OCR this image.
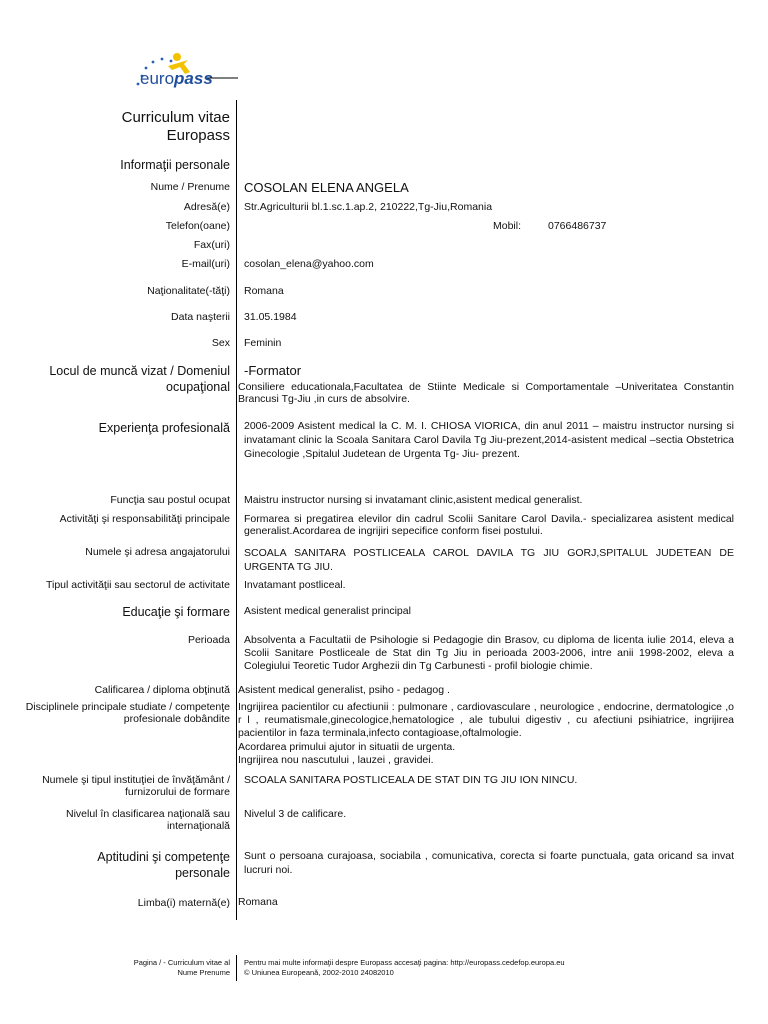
europass
Curriculum vitae
Europass
Informaţii personale
Nume / Prenume COSOLAN ELENA ANGELA
Adresă(e) Str.Agriculturii bl.1.sc.1.ap.2, 210222,Tg-Jiu,Romania
Telefon(oane)	Mobil:	0766486737
Fax(uri)
E-mail(uri) cosolan_elena@yahoo.com
Naţionalitate(-tăţi) Romana
Data naşterii 31.05.1984
Sex Feminin
Locul de muncă vizat / Domeniul
ocupaţional
-Formator
Consiliere educationala,Facultatea de Stiinte Medicale si Comportamentale –Univeritatea Constantin Brancusi Tg-Jiu ,in curs de absolvire.
Experienţa profesională 2006-2009 Asistent medical la C. M. I. CHIOSA VIORICA, din anul 2011 – maistru instructor nursing si invatamant clinic la Scoala Sanitara Carol Davila Tg Jiu-prezent,2014-asistent medical –sectia Obstetrica Ginecologie ,Spitalul Judetean de Urgenta Tg- Jiu- prezent.
Funcţia sau postul ocupat Maistru instructor nursing si invatamant clinic,asistent medical generalist.
Activităţi şi responsabilităţi principale Formarea si pregatirea elevilor din cadrul Scolii Sanitare Carol Davila.- specializarea asistent medical generalist.Acordarea de ingrijiri sepecifice conform fisei postului.
Numele şi adresa angajatorului SCOALA SANITARA POSTLICEALA CAROL DAVILA TG JIU GORJ,SPITALUL JUDETEAN DE URGENTA TG JIU.
Tipul activităţii sau sectorul de activitate Invatamant postliceal.
Educaţie şi formare Asistent medical generalist principal
Perioada Absolventa a Facultatii de Psihologie si Pedagogie din Brasov, cu diploma de licenta iulie 2014, eleva a Scolii Sanitare Postliceale de Stat din Tg Jiu in perioada 2003-2006, intre anii 1998-2002, eleva a Colegiului Teoretic Tudor Arghezii din Tg Carbunesti - profil biologie chimie.
Calificarea / diploma obţinută Asistent medical generalist, psiho - pedagog .
Disciplinele principale studiate / competenţe profesionale dobândite
Ingrijirea pacientilor cu afectiunii : pulmonare , cardiovasculare , neurologice , endocrine, dermatologice ,o r l , reumatismale,ginecologice,hematologice , ale tubului digestiv , cu afectiuni psihiatrice, ingrijirea pacientilor in faza terminala,infecto contagioase,oftalmologie.
Acordarea primului ajutor in situatii de urgenta.
Ingrijirea nou nascutului , lauzei , gravidei.
Numele şi tipul instituţiei de învăţământ / furnizorului de formare
SCOALA SANITARA POSTLICEALA DE STAT DIN TG JIU ION NINCU.
Nivelul în clasificarea naţională sau internaţională
Nivelul 3 de calificare.
Aptitudini şi competenţe
personale
Sunt o persoana curajoasa, sociabila , comunicativa, corecta si foarte punctuala, gata oricand sa invat lucruri noi.
Limba(i) maternă(e) Romana
Pagina / - Curriculum vitae al
Nume Prenume
Pentru mai multe informaţii despre Europass accesaţi pagina: http://europass.cedefop.europa.eu
© Uniunea Europeană, 2002-2010 24082010
